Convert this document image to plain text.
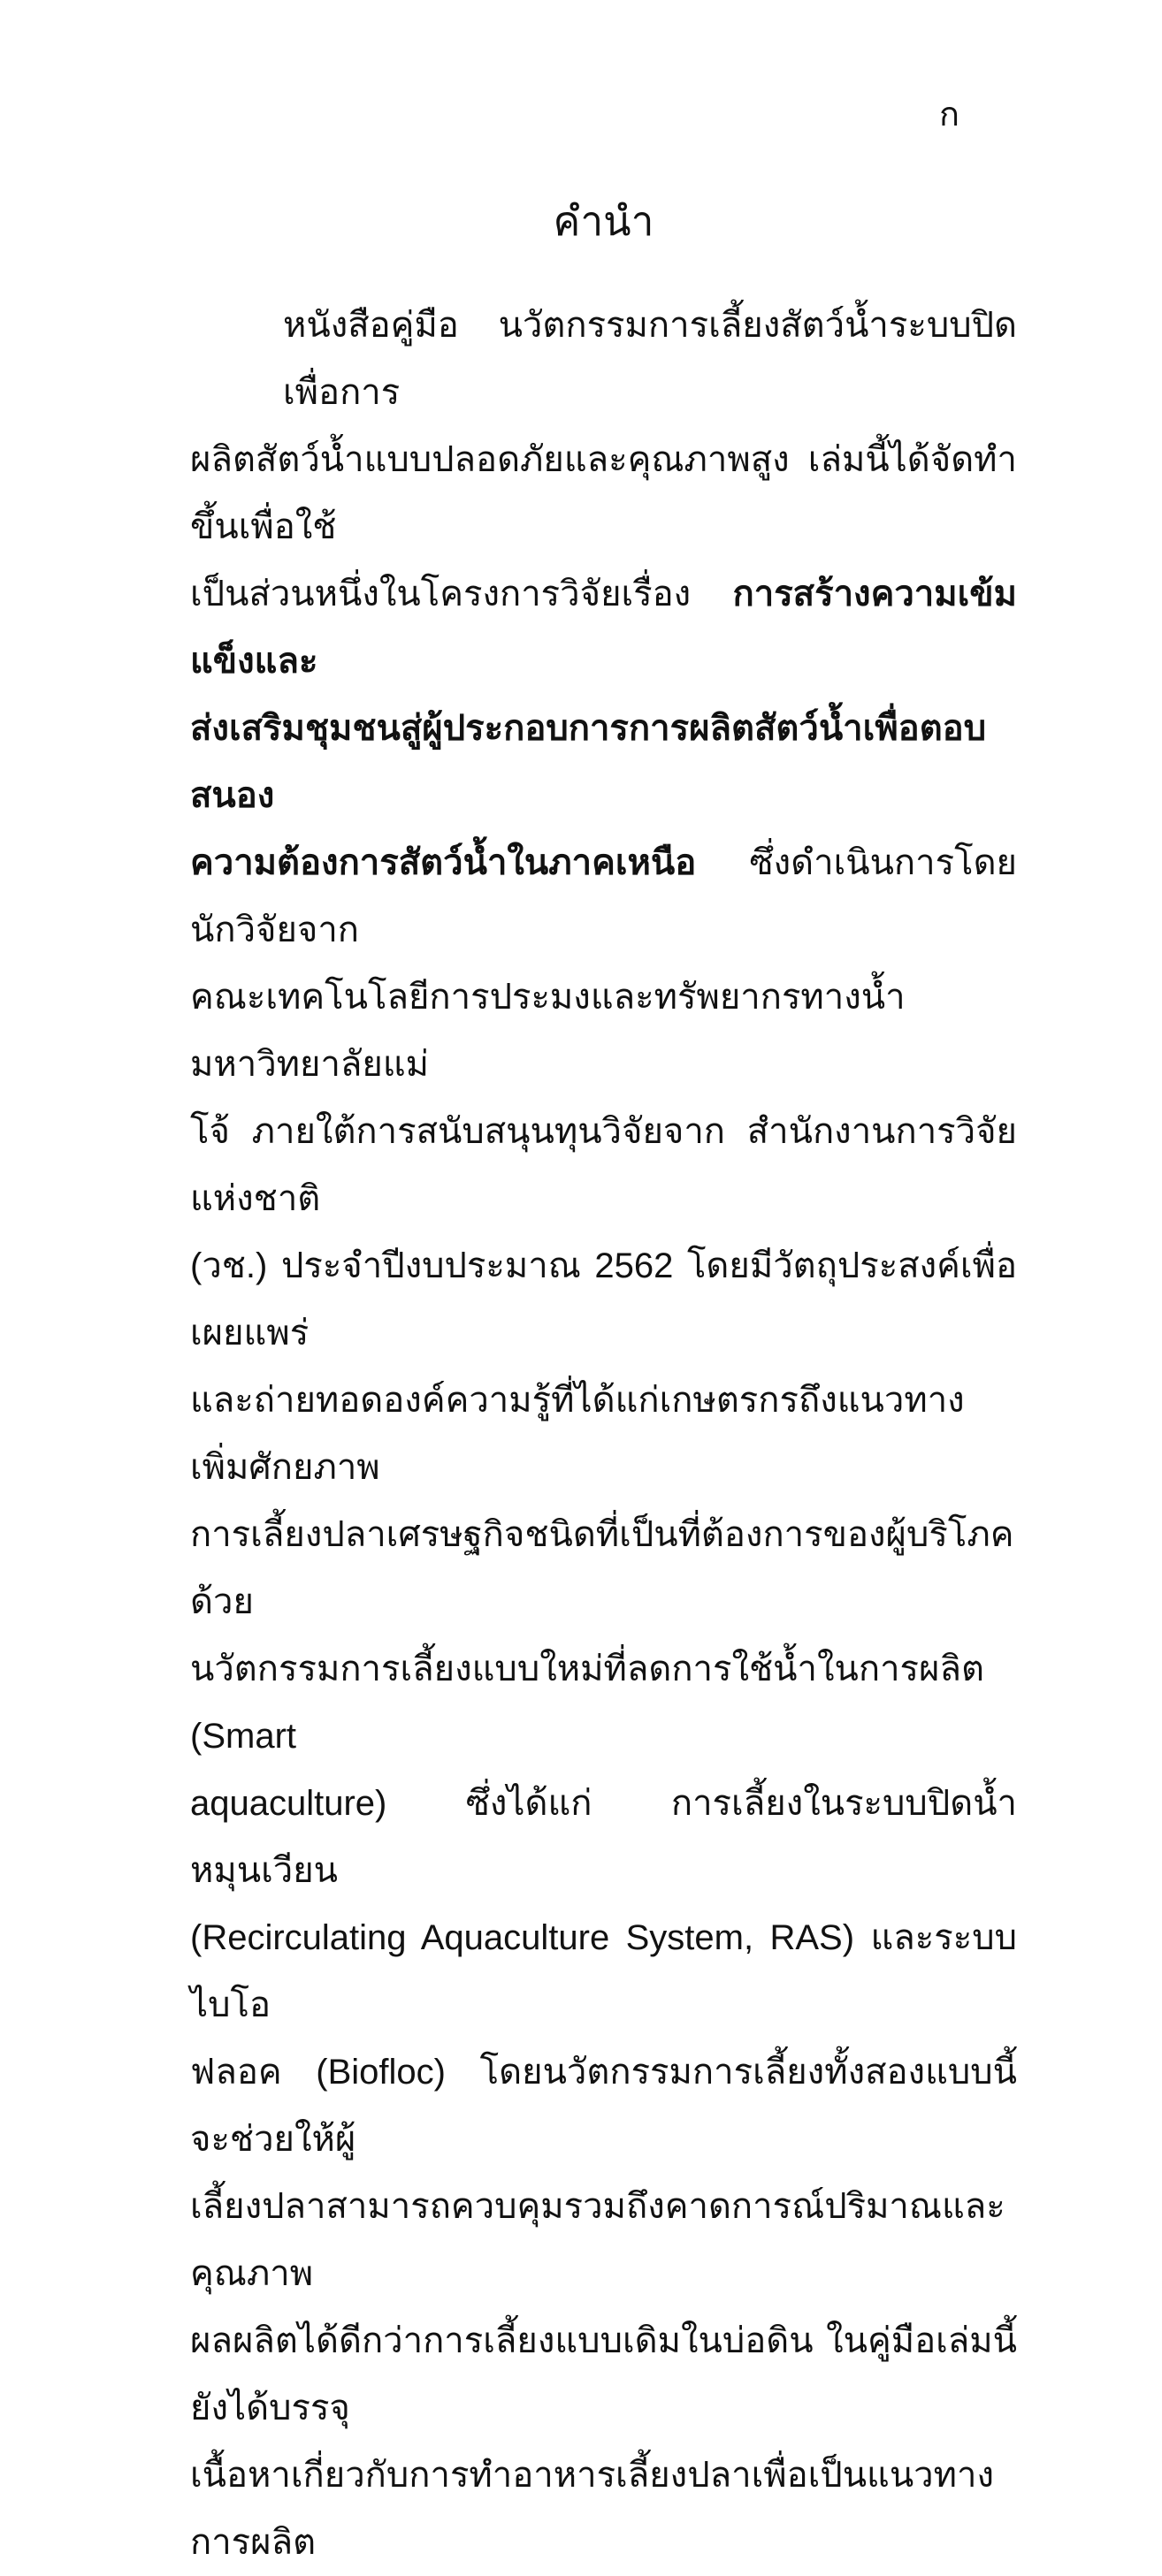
ก
คำนำ
หนังสือคู่มือ นวัตกรรมการเลี้ยงสัตว์น้ำระบบปิดเพื่อการ
ผลิตสัตว์น้ำแบบปลอดภัยและคุณภาพสูง เล่มนี้ได้จัดทำขึ้นเพื่อใช้
เป็นส่วนหนึ่งในโครงการวิจัยเรื่อง การสร้างความเข้มแข็งและ
ส่งเสริมชุมชนสู่ผู้ประกอบการการผลิตสัตว์น้ำเพื่อตอบสนอง
ความต้องการสัตว์น้ำในภาคเหนือ ซึ่งดำเนินการโดยนักวิจัยจาก
คณะเทคโนโลยีการประมงและทรัพยากรทางน้ำ มหาวิทยาลัยแม่
โจ้ ภายใต้การสนับสนุนทุนวิจัยจาก สำนักงานการวิจัยแห่งชาติ
(วช.) ประจำปีงบประมาณ 2562 โดยมีวัตถุประสงค์เพื่อเผยแพร่
และถ่ายทอดองค์ความรู้ที่ได้แก่เกษตรกรถึงแนวทางเพิ่มศักยภาพ
การเลี้ยงปลาเศรษฐกิจชนิดที่เป็นที่ต้องการของผู้บริโภค ด้วย
นวัตกรรมการเลี้ยงแบบใหม่ที่ลดการใช้น้ำในการผลิต (Smart
aquaculture) ซึ่งได้แก่ การเลี้ยงในระบบปิดน้ำหมุนเวียน
(Recirculating Aquaculture System, RAS) และระบบไบโอ
ฟลอค (Biofloc) โดยนวัตกรรมการเลี้ยงทั้งสองแบบนี้ จะช่วยให้ผู้
เลี้ยงปลาสามารถควบคุมรวมถึงคาดการณ์ปริมาณและคุณภาพ
ผลผลิตได้ดีกว่าการเลี้ยงแบบเดิมในบ่อดิน ในคู่มือเล่มนี้ยังได้บรรจุ
เนื้อหาเกี่ยวกับการทำอาหารเลี้ยงปลาเพื่อเป็นแนวทางการผลิต
